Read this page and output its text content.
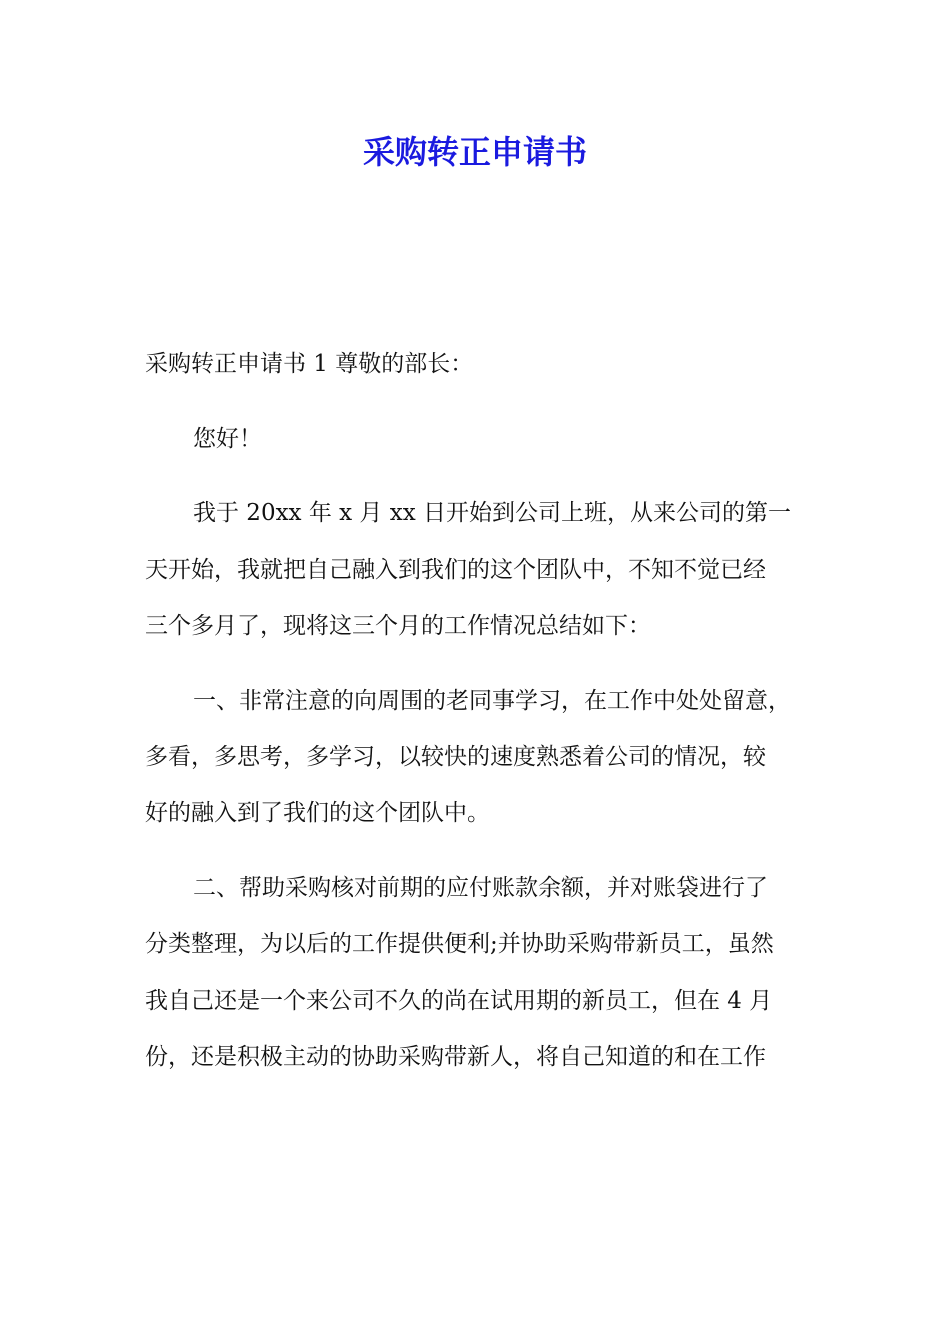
采购转正申请书

采购转正申请书 1 尊敬的部长：

您好！

我于 20xx 年 x 月 xx 日开始到公司上班，从来公司的第一
天开始，我就把自己融入到我们的这个团队中，不知不觉已经
三个多月了，现将这三个月的工作情况总结如下：

一、非常注意的向周围的老同事学习，在工作中处处留意，
多看，多思考，多学习，以较快的速度熟悉着公司的情况，较
好的融入到了我们的这个团队中。

二、帮助采购核对前期的应付账款余额，并对账袋进行了
分类整理，为以后的工作提供便利;并协助采购带新员工，虽然
我自己还是一个来公司不久的尚在试用期的新员工，但在 4 月
份，还是积极主动的协助采购带新人，将自己知道的和在工作
